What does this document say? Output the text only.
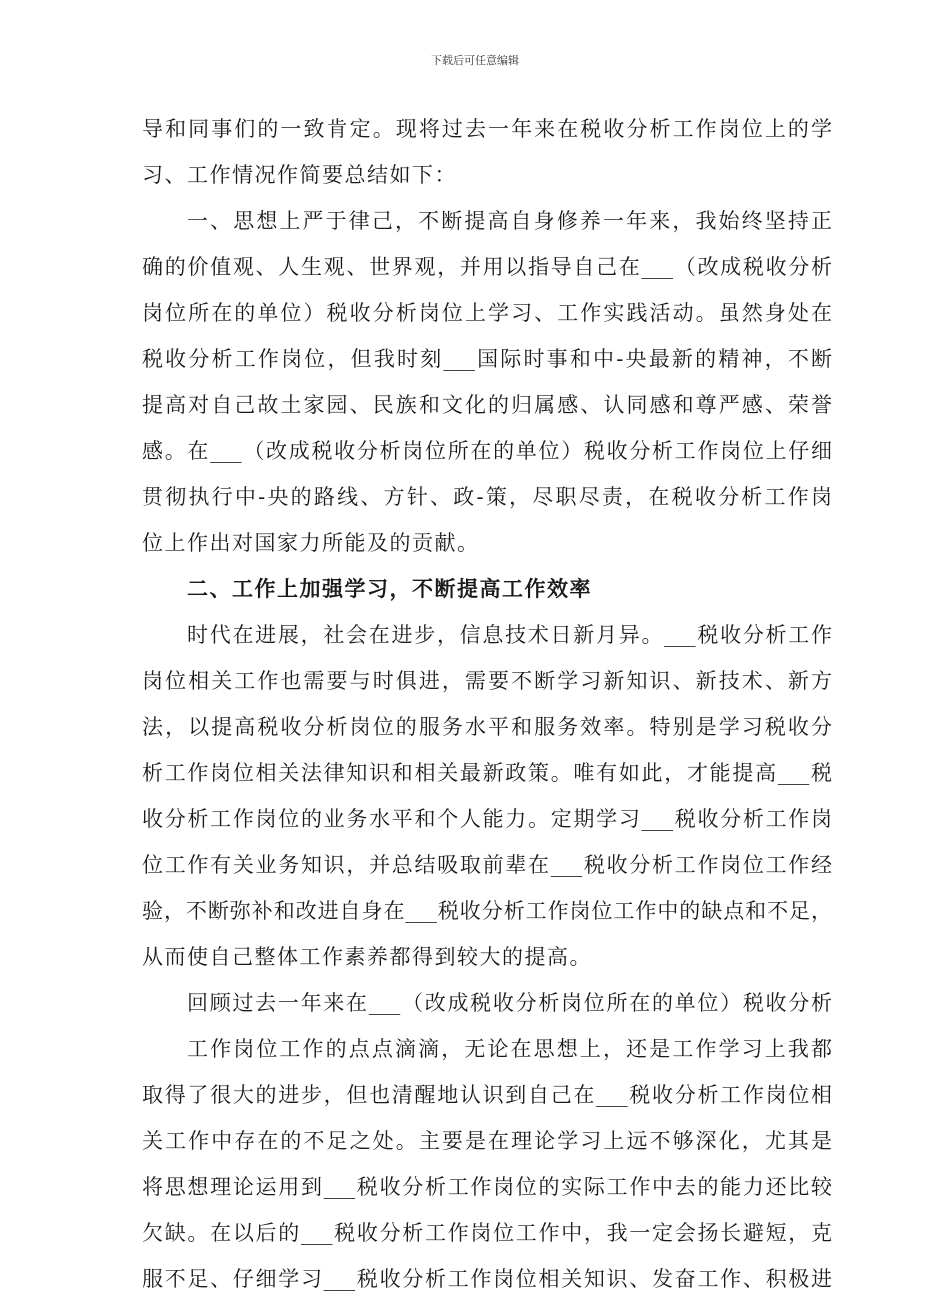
下载后可任意编辑
导和同事们的一致肯定。现将过去一年来在税收分析工作岗位上的学
习、工作情况作简要总结如下：
一、思想上严于律己，不断提高自身修养一年来，我始终坚持正
确的价值观、人生观、世界观，并用以指导自己在___（改成税收分析
岗位所在的单位）税收分析岗位上学习、工作实践活动。虽然身处在
税收分析工作岗位，但我时刻___国际时事和中-央最新的精神，不断
提高对自己故土家园、民族和文化的归属感、认同感和尊严感、荣誉
感。在___（改成税收分析岗位所在的单位）税收分析工作岗位上仔细
贯彻执行中-央的路线、方针、政-策，尽职尽责，在税收分析工作岗
位上作出对国家力所能及的贡献。
二、工作上加强学习，不断提高工作效率
时代在进展，社会在进步，信息技术日新月异。___税收分析工作
岗位相关工作也需要与时俱进，需要不断学习新知识、新技术、新方
法，以提高税收分析岗位的服务水平和服务效率。特别是学习税收分
析工作岗位相关法律知识和相关最新政策。唯有如此，才能提高___税
收分析工作岗位的业务水平和个人能力。定期学习___税收分析工作岗
位工作有关业务知识，并总结吸取前辈在___税收分析工作岗位工作经
验，不断弥补和改进自身在___税收分析工作岗位工作中的缺点和不足，
从而使自己整体工作素养都得到较大的提高。
回顾过去一年来在___（改成税收分析岗位所在的单位）税收分析
工作岗位工作的点点滴滴，无论在思想上，还是工作学习上我都
取得了很大的进步，但也清醒地认识到自己在___税收分析工作岗位相
关工作中存在的不足之处。主要是在理论学习上远不够深化，尤其是
将思想理论运用到___税收分析工作岗位的实际工作中去的能力还比较
欠缺。在以后的___税收分析工作岗位工作中，我一定会扬长避短，克
服不足、仔细学习___税收分析工作岗位相关知识、发奋工作、积极进
